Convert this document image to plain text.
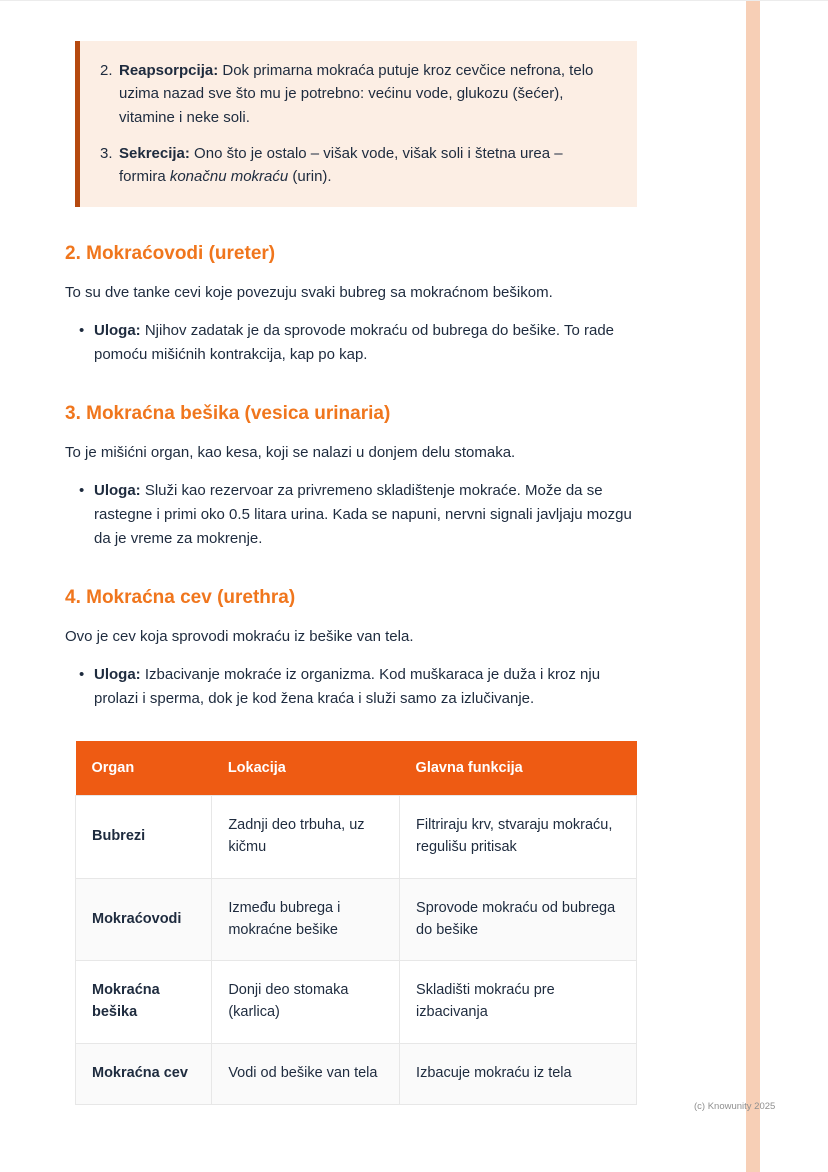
2. Reapsorpcija: Dok primarna mokraća putuje kroz cevčice nefrona, telo uzima nazad sve što mu je potrebno: većinu vode, glukozu (šećer), vitamine i neke soli.

3. Sekrecija: Ono što je ostalo – višak vode, višak soli i štetna urea – formira konačnu mokraću (urin).

2. Mokraćovodi (ureter)

To su dve tanke cevi koje povezuju svaki bubreg sa mokraćnom bešikom.

• Uloga: Njihov zadatak je da sprovode mokraću od bubrega do bešike. To rade pomoću mišićnih kontrakcija, kap po kap.
3. Mokraćna bešika (vesica urinaria)

To je mišićni organ, kao kesa, koji se nalazi u donjem delu stomaka.

• Uloga: Služi kao rezervoar za privremeno skladištenje mokraće. Može da se rastegne i primi oko 0.5 litara urina. Kada se napuni, nervni signali javljaju mozgu da je vreme za mokrenje.
4. Mokraćna cev (urethra)

Ovo je cev koja sprovodi mokraću iz bešike van tela.

• Uloga: Izbacivanje mokraće iz organizma. Kod muškaraca je duža i kroz nju prolazi i sperma, dok je kod žena kraća i služi samo za izlučivanje.
Organ	Lokacija	Glavna funkcija
Bubrezi	Zadnji deo trbuha, uz kičmu	Filtriraju krv, stvaraju mokraću, regulišu pritisak
Mokraćovodi	Između bubrega i mokraćne bešike	Sprovode mokraću od bubrega do bešike
Mokraćna bešika	Donji deo stomaka (karlica)	Skladišti mokraću pre izbacivanja
Mokraćna cev	Vodi od bešike van tela	Izbacuje mokraću iz tela
(c) Knowunity 2025
